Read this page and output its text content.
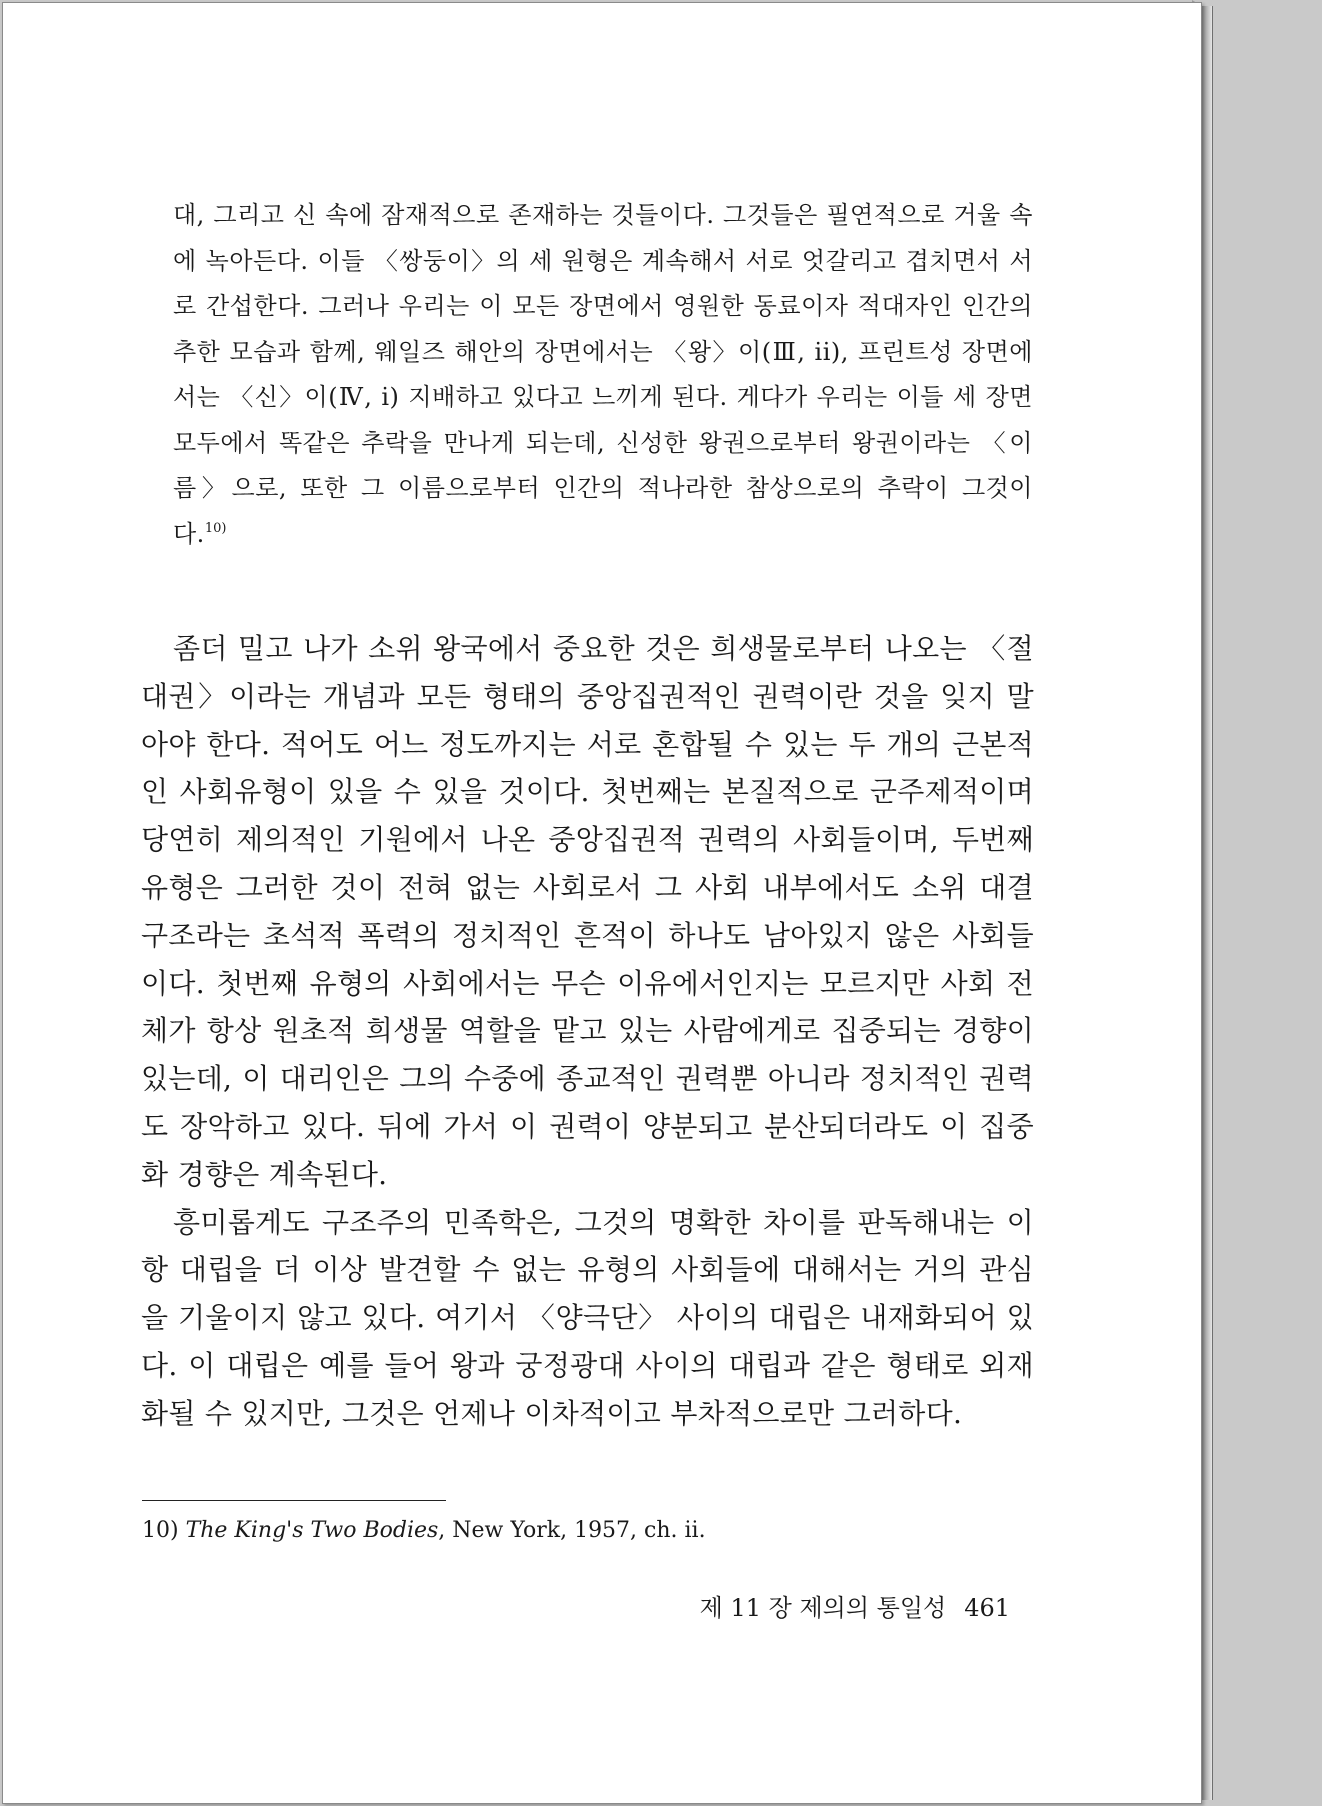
대, 그리고 신 속에 잠재적으로 존재하는 것들이다. 그것들은 필연적으로 거울 속에 녹아든다. 이들 〈쌍둥이〉의 세 원형은 계속해서 서로 엇갈리고 겹치면서 서로 간섭한다. 그러나 우리는 이 모든 장면에서 영원한 동료이자 적대자인 인간의 추한 모습과 함께, 웨일즈 해안의 장면에서는 〈왕〉이(Ⅲ, ii), 프린트성 장면에서는 〈신〉이(Ⅳ, i) 지배하고 있다고 느끼게 된다. 게다가 우리는 이들 세 장면 모두에서 똑같은 추락을 만나게 되는데, 신성한 왕권으로부터 왕권이라는 〈이름〉으로, 또한 그 이름으로부터 인간의 적나라한 참상으로의 추락이 그것이다.$^{10)}$

좀더 밀고 나가 소위 왕국에서 중요한 것은 희생물로부터 나오는 〈절대권〉이라는 개념과 모든 형태의 중앙집권적인 권력이란 것을 잊지 말아야 한다. 적어도 어느 정도까지는 서로 혼합될 수 있는 두 개의 근본적인 사회유형이 있을 수 있을 것이다. 첫번째는 본질적으로 군주제적이며 당연히 제의적인 기원에서 나온 중앙집권적 권력의 사회들이며, 두번째 유형은 그러한 것이 전혀 없는 사회로서 그 사회 내부에서도 소위 대결 구조라는 초석적 폭력의 정치적인 흔적이 하나도 남아있지 않은 사회들이다. 첫번째 유형의 사회에서는 무슨 이유에서인지는 모르지만 사회 전체가 항상 원초적 희생물 역할을 맡고 있는 사람에게로 집중되는 경향이 있는데, 이 대리인은 그의 수중에 종교적인 권력뿐 아니라 정치적인 권력도 장악하고 있다. 뒤에 가서 이 권력이 양분되고 분산되더라도 이 집중화 경향은 계속된다.

흥미롭게도 구조주의 민족학은, 그것의 명확한 차이를 판독해내는 이항 대립을 더 이상 발견할 수 없는 유형의 사회들에 대해서는 거의 관심을 기울이지 않고 있다. 여기서 〈양극단〉 사이의 대립은 내재화되어 있다. 이 대립은 예를 들어 왕과 궁정광대 사이의 대립과 같은 형태로 외재화될 수 있지만, 그것은 언제나 이차적이고 부차적으로만 그러하다.

10) The King's Two Bodies, New York, 1957, ch. ii.
제 11 장 제의의 통일성 461
